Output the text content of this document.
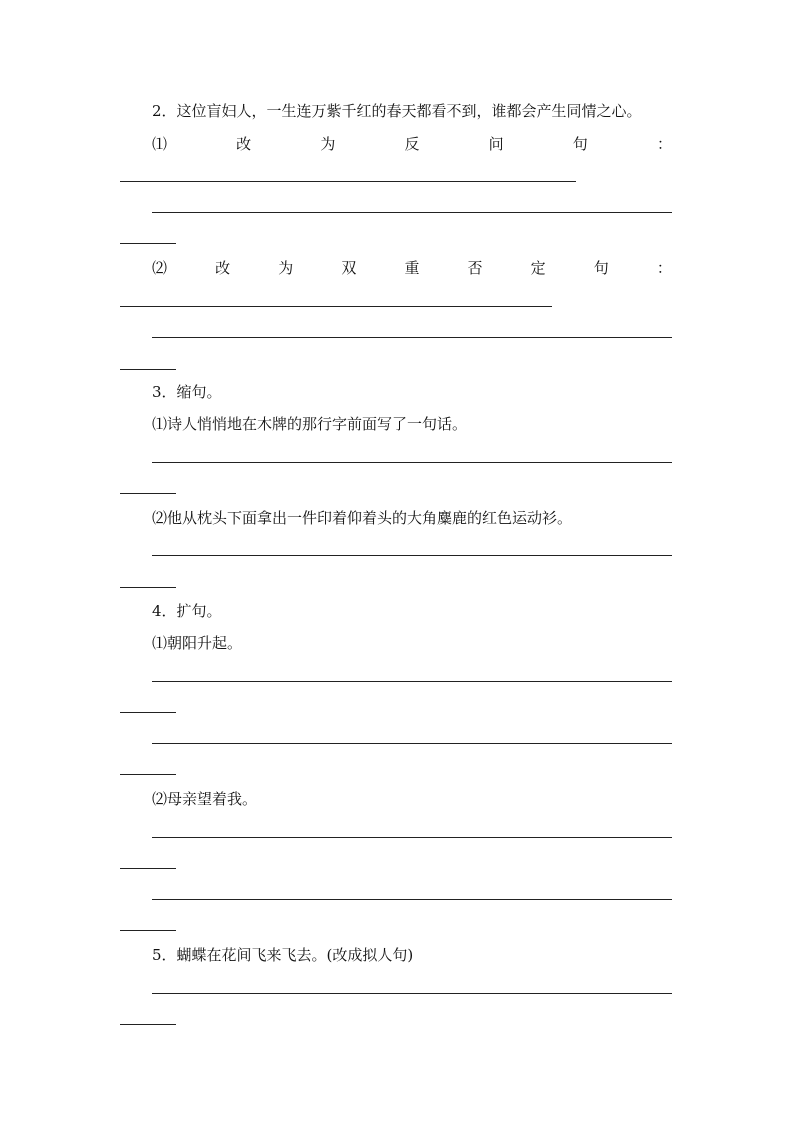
2．这位盲妇人，一生连万紫千红的春天都看不到，谁都会产生同情之心。
⑴	改	为	反	问	句	：
⑵	改	为	双	重	否	定	句	：
3．缩句。
⑴诗人悄悄地在木牌的那行字前面写了一句话。
⑵他从枕头下面拿出一件印着仰着头的大角麋鹿的红色运动衫。
4．扩句。
⑴朝阳升起。
⑵母亲望着我。
5．蝴蝶在花间飞来飞去。(改成拟人句)
